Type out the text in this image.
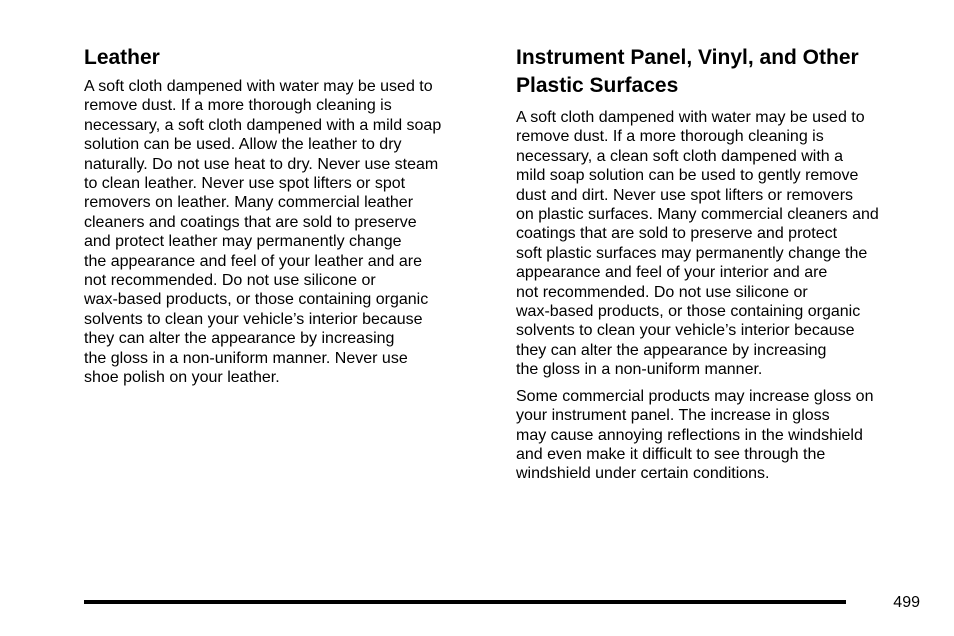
Leather

A soft cloth dampened with water may be used to
remove dust. If a more thorough cleaning is
necessary, a soft cloth dampened with a mild soap
solution can be used. Allow the leather to dry
naturally. Do not use heat to dry. Never use steam
to clean leather. Never use spot lifters or spot
removers on leather. Many commercial leather
cleaners and coatings that are sold to preserve
and protect leather may permanently change
the appearance and feel of your leather and are
not recommended. Do not use silicone or
wax-based products, or those containing organic
solvents to clean your vehicle’s interior because
they can alter the appearance by increasing
the gloss in a non-uniform manner. Never use
shoe polish on your leather.

Instrument Panel, Vinyl, and Other
Plastic Surfaces

A soft cloth dampened with water may be used to
remove dust. If a more thorough cleaning is
necessary, a clean soft cloth dampened with a
mild soap solution can be used to gently remove
dust and dirt. Never use spot lifters or removers
on plastic surfaces. Many commercial cleaners and
coatings that are sold to preserve and protect
soft plastic surfaces may permanently change the
appearance and feel of your interior and are
not recommended. Do not use silicone or
wax-based products, or those containing organic
solvents to clean your vehicle’s interior because
they can alter the appearance by increasing
the gloss in a non-uniform manner.

Some commercial products may increase gloss on
your instrument panel. The increase in gloss
may cause annoying reflections in the windshield
and even make it difficult to see through the
windshield under certain conditions.

499
